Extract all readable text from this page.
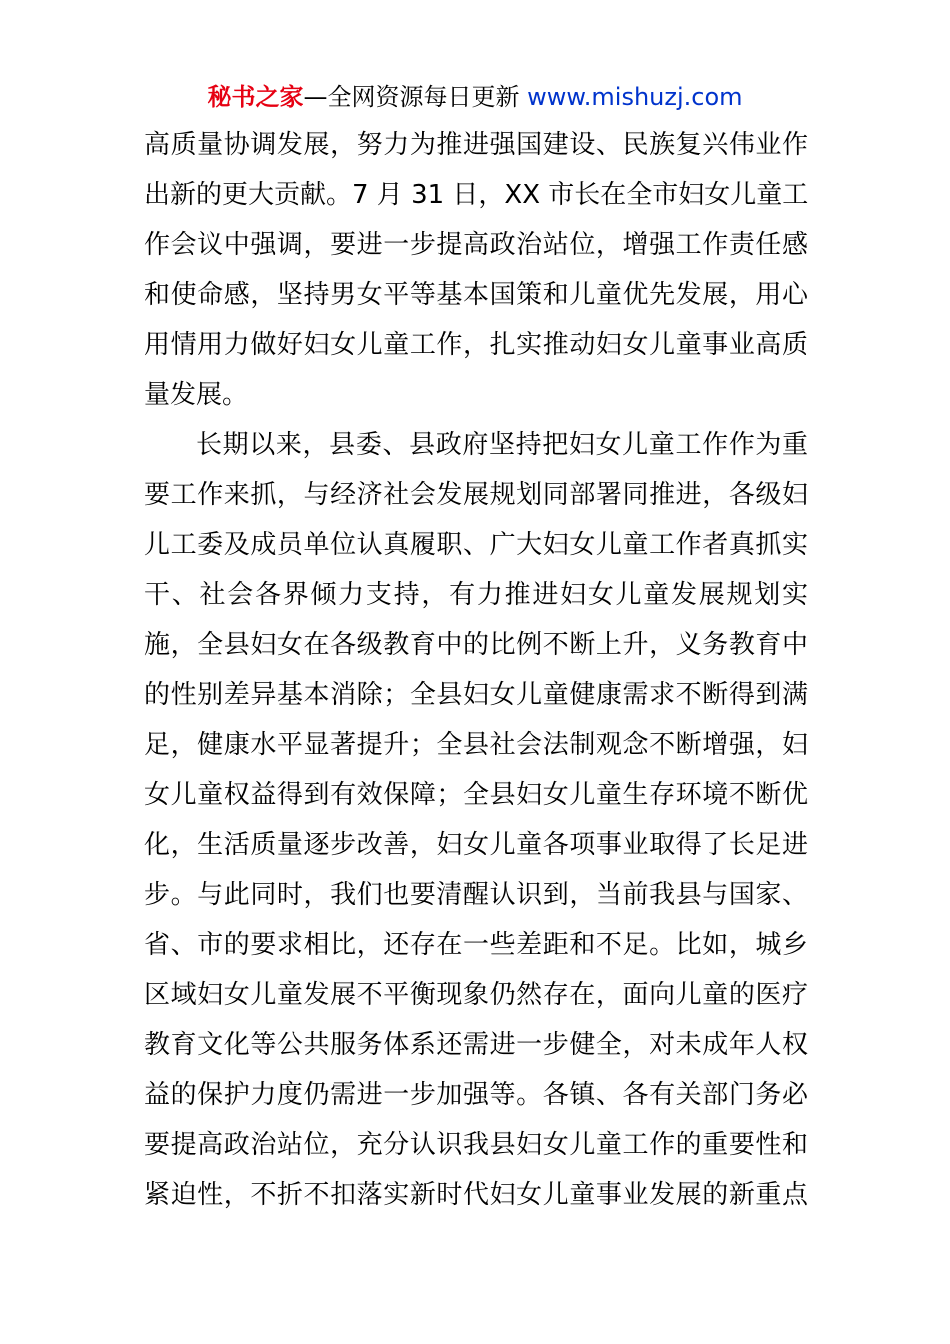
秘书之家—全网资源每日更新 www.mishuzj.com
高质量协调发展，努力为推进强国建设、民族复兴伟业作
出新的更大贡献。7 月 31 日，XX 市长在全市妇女儿童工
作会议中强调，要进一步提高政治站位，增强工作责任感
和使命感，坚持男女平等基本国策和儿童优先发展，用心
用情用力做好妇女儿童工作，扎实推动妇女儿童事业高质
量发展。
长期以来，县委、县政府坚持把妇女儿童工作作为重
要工作来抓，与经济社会发展规划同部署同推进，各级妇
儿工委及成员单位认真履职、广大妇女儿童工作者真抓实
干、社会各界倾力支持，有力推进妇女儿童发展规划实
施，全县妇女在各级教育中的比例不断上升，义务教育中
的性别差异基本消除；全县妇女儿童健康需求不断得到满
足，健康水平显著提升；全县社会法制观念不断增强，妇
女儿童权益得到有效保障；全县妇女儿童生存环境不断优
化，生活质量逐步改善，妇女儿童各项事业取得了长足进
步。与此同时，我们也要清醒认识到，当前我县与国家、
省、市的要求相比，还存在一些差距和不足。比如，城乡
区域妇女儿童发展不平衡现象仍然存在，面向儿童的医疗
教育文化等公共服务体系还需进一步健全，对未成年人权
益的保护力度仍需进一步加强等。各镇、各有关部门务必
要提高政治站位，充分认识我县妇女儿童工作的重要性和
紧迫性，不折不扣落实新时代妇女儿童事业发展的新重点
